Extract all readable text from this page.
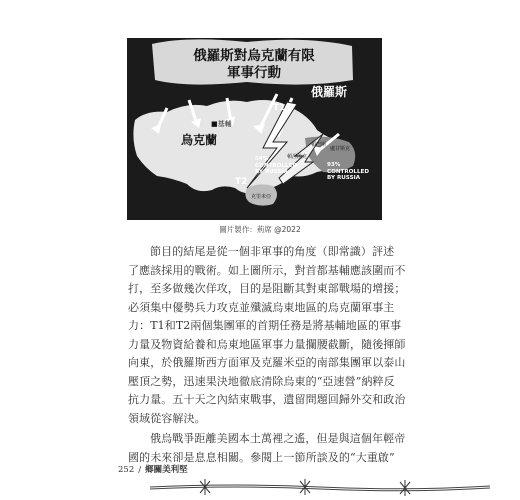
俄羅斯對烏克蘭有限
軍事行動
俄羅斯
烏克蘭
■基輔
T1
T2
頓巴斯
頓涅茨克
盧甘斯克
克里米亞
54% CONTROLLED BY RUSSIA
93% CONTROLLED BY RUSSIA
圖片製作：荊席 @2022

節目的結尾是從一個非軍事的角度（即常識）評述
了應該採用的戰術。如上圖所示，對首都基輔應該圍而不
打，至多做幾次佯攻，目的是阻斷其對東部戰場的增援；
必須集中優勢兵力攻克並殲滅烏東地區的烏克蘭軍事主
力：T1和T2兩個集團軍的首期任務是將基輔地區的軍事
力量及物資給養和烏東地區軍事力量攔腰截斷，隨後揮師
向東，於俄羅斯西方面軍及克羅米亞的南部集團軍以泰山
壓頂之勢，迅速果決地徹底清除烏東的“亞速營”納粹反
抗力量。五十天之內結束戰事，遺留問題回歸外交和政治
領域從容解決。

俄烏戰爭距離美國本土萬裡之遙，但是與這個年輕帝
國的未來卻是息息相關。參閱上一節所談及的“大重啟”

252 / 鄉關美利堅
